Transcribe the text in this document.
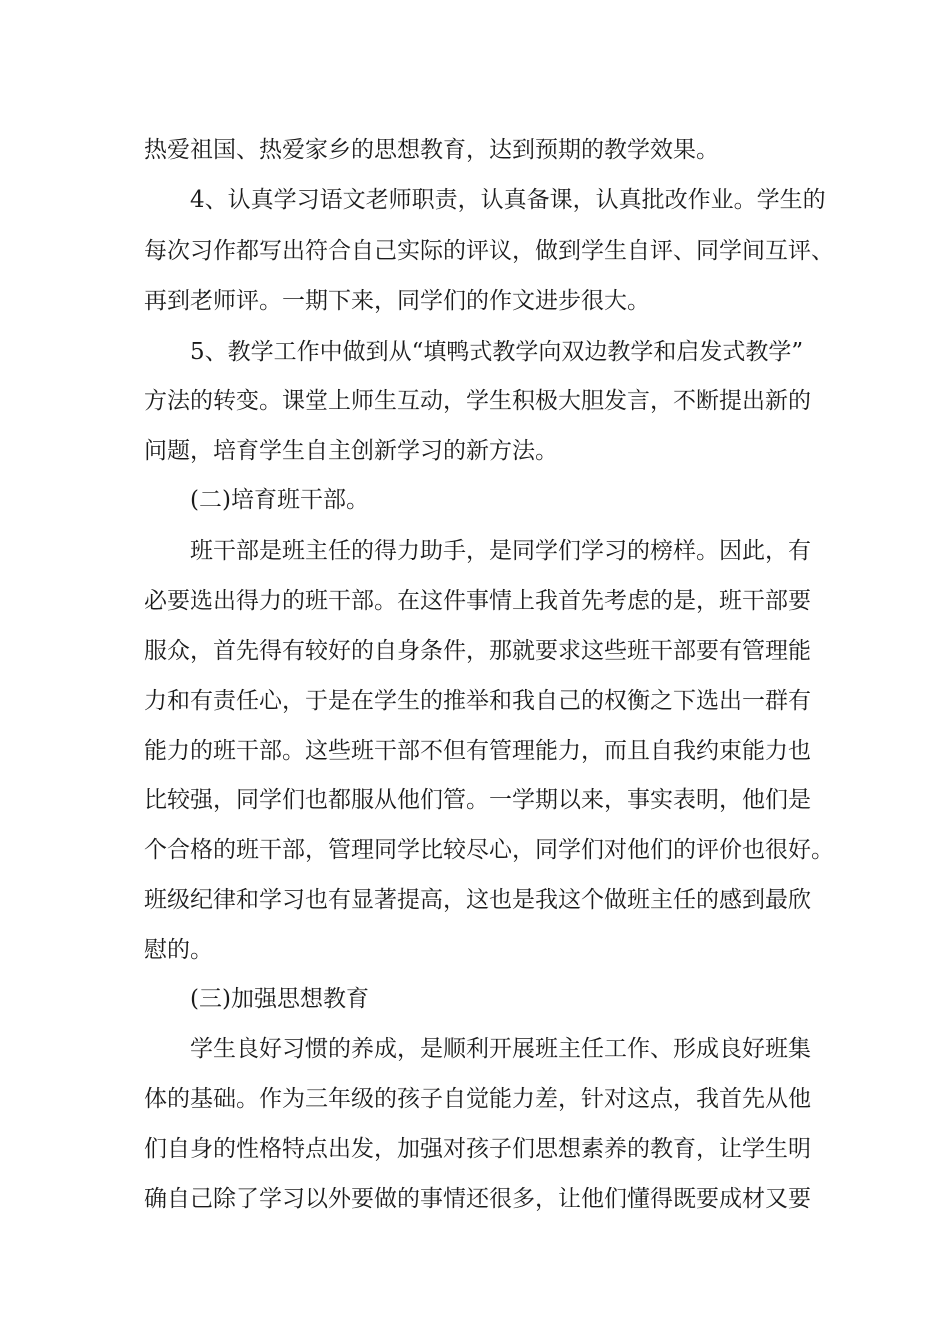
热爱祖国、热爱家乡的思想教育，达到预期的教学效果。
4、认真学习语文老师职责，认真备课，认真批改作业。学生的
每次习作都写出符合自己实际的评议，做到学生自评、同学间互评、
再到老师评。一期下来，同学们的作文进步很大。
5、教学工作中做到从“填鸭式教学向双边教学和启发式教学”
方法的转变。课堂上师生互动，学生积极大胆发言，不断提出新的
问题，培育学生自主创新学习的新方法。
(二)培育班干部。
班干部是班主任的得力助手，是同学们学习的榜样。因此，有
必要选出得力的班干部。在这件事情上我首先考虑的是，班干部要
服众，首先得有较好的自身条件，那就要求这些班干部要有管理能
力和有责任心，于是在学生的推举和我自己的权衡之下选出一群有
能力的班干部。这些班干部不但有管理能力，而且自我约束能力也
比较强，同学们也都服从他们管。一学期以来，事实表明，他们是
个合格的班干部，管理同学比较尽心，同学们对他们的评价也很好。
班级纪律和学习也有显著提高，这也是我这个做班主任的感到最欣
慰的。
(三)加强思想教育
学生良好习惯的养成，是顺利开展班主任工作、形成良好班集
体的基础。作为三年级的孩子自觉能力差，针对这点，我首先从他
们自身的性格特点出发，加强对孩子们思想素养的教育，让学生明
确自己除了学习以外要做的事情还很多，让他们懂得既要成材又要
